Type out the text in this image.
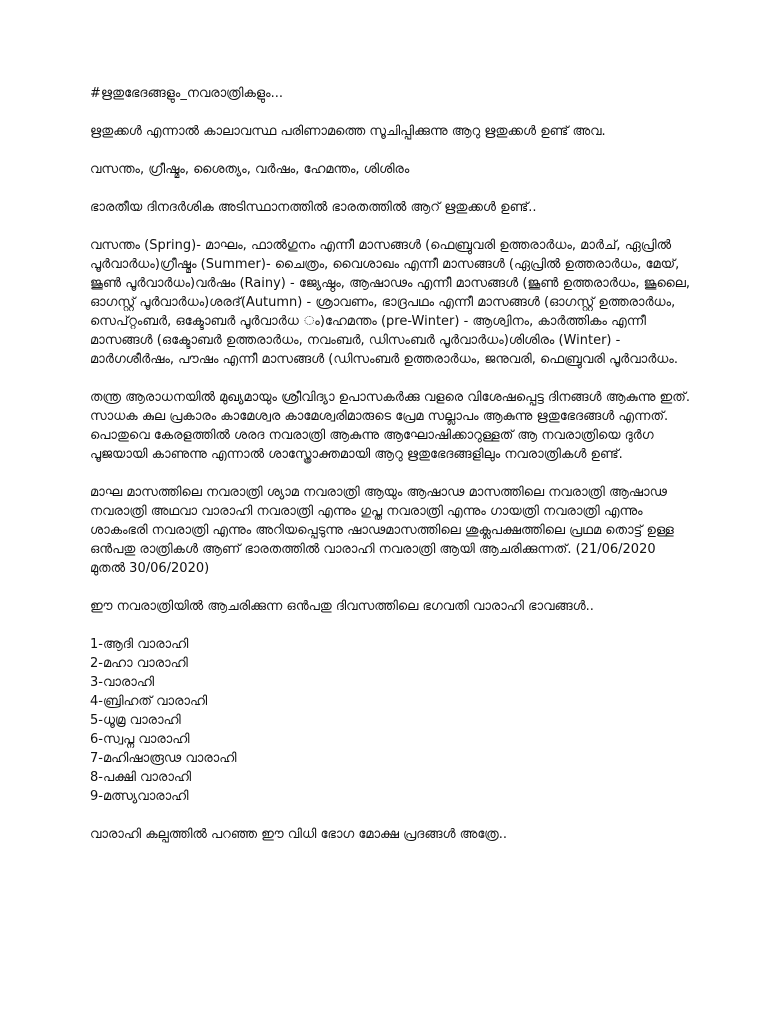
#ഋതുഭേദങ്ങളും_നവരാത്രികളും...

ഋതുക്കൾ എന്നാൽ കാലാവസ്ഥ പരിണാമത്തെ സൂചിപ്പിക്കുന്നു ആറു ഋതുക്കൾ ഉണ്ട് അവ.

വസന്തം, ഗ്രീഷ്മം, ശൈത്യം, വർഷം, ഹേമന്തം, ശിശിരം

ഭാരതീയ ദിനദർശിക അടിസ്ഥാനത്തിൽ ഭാരതത്തിൽ ആറ് ഋതുക്കൾ ഉണ്ട്..

വസന്തം (Spring)- മാഘം, ഫാൽഗുനം എന്നീ മാസങ്ങൾ (ഫെബ്രുവരി ഉത്തരാർധം, മാർച്, ഏപ്രിൽ പൂർവാർധം)ഗ്രീഷ്മം (Summer)- ചൈത്രം, വൈശാഖം എന്നീ മാസങ്ങൾ (ഏപ്രിൽ ഉത്തരാർധം, മേയ്, ജൂൺ പൂർവാർധം)വർഷം (Rainy) - ജ്യേഷ്ഠം, ആഷാഢം എന്നീ മാസങ്ങൾ (ജൂൺ ഉത്തരാർധം, ജൂലൈ, ഓഗസ്റ്റ് പൂർവാർധം)ശരദ്(Autumn) - ശ്രാവണം, ഭാദ്രപഥം എന്നീ മാസങ്ങൾ (ഓഗസ്റ്റ് ഉത്തരാർധം, സെപ്റ്റംബർ, ഒക്ടോബർ പൂർവാർധ ം)ഹേമന്തം (pre-Winter) - ആശ്വിനം, കാർത്തികം എന്നീ മാസങ്ങൾ (ഒക്ടോബർ ഉത്തരാർധം, നവംബർ, ഡിസംബർ പൂർവാർധം)ശിശിരം (Winter) - മാർഗശീർഷം, പൗഷം എന്നീ മാസങ്ങൾ (ഡിസംബർ ഉത്തരാർധം, ജനുവരി, ഫെബ്രുവരി പൂർവാർധം.

തന്ത്ര ആരാധനയിൽ മുഖ്യമായും ശ്രീവിദ്യാ ഉപാസകർക്കു വളരെ വിശേഷപ്പെട്ട ദിനങ്ങൾ ആകുന്നു ഇത്. സാധക കുല പ്രകാരം കാമേശ്വര കാമേശ്വരിമാരുടെ പ്രേമ സല്ലാപം ആകുന്നു ഋതുഭേദങ്ങൾ എന്നത്. പൊതുവെ കേരളത്തിൽ ശരദ നവരാത്രി ആകുന്നു ആഘോഷിക്കാറുള്ളത് ആ നവരാത്രിയെ ദുർഗ പൂജയായി കാണുന്നു എന്നാൽ ശാസ്ത്രോക്തമായി ആറു ഋതുഭേദങ്ങളിലും നവരാത്രികൾ ഉണ്ട്.

മാഘ മാസത്തിലെ നവരാത്രി ശ്യാമ നവരാത്രി ആയും ആഷാഢ മാസത്തിലെ നവരാത്രി ആഷാഢ നവരാത്രി അഥവാ വാരാഹി നവരാത്രി എന്നും ഗുപ്ത നവരാത്രി എന്നും ഗായത്രി നവരാത്രി എന്നും ശാകംഭരി നവരാത്രി എന്നും അറിയപ്പെടുന്നു ഷാഢമാസത്തിലെ ശുക്ലപക്ഷത്തിലെ പ്രഥമ തൊട്ട് ഉള്ള ഒൻപതു രാത്രികൾ ആണ് ഭാരതത്തിൽ വാരാഹി നവരാത്രി ആയി ആചരിക്കുന്നത്. (21/06/2020 മുതൽ 30/06/2020)

ഈ നവരാത്രിയിൽ ആചരിക്കുന്ന ഒൻപതു ദിവസത്തിലെ ഭഗവതി വാരാഹി ഭാവങ്ങൾ..

1-ആദി വാരാഹി
2-മഹാ വാരാഹി
3-വാരാഹി
4-ബ്രിഹത് വാരാഹി
5-ധൂമ്ര വാരാഹി
6-സ്വപ്ന വാരാഹി
7-മഹിഷാരൂഢ വാരാഹി
8-പക്ഷി വാരാഹി
9-മത്സ്യവാരാഹി

വാരാഹി കല്പത്തിൽ പറഞ്ഞ ഈ വിധി ഭോഗ മോക്ഷ പ്രദങ്ങൾ അത്രേ..
